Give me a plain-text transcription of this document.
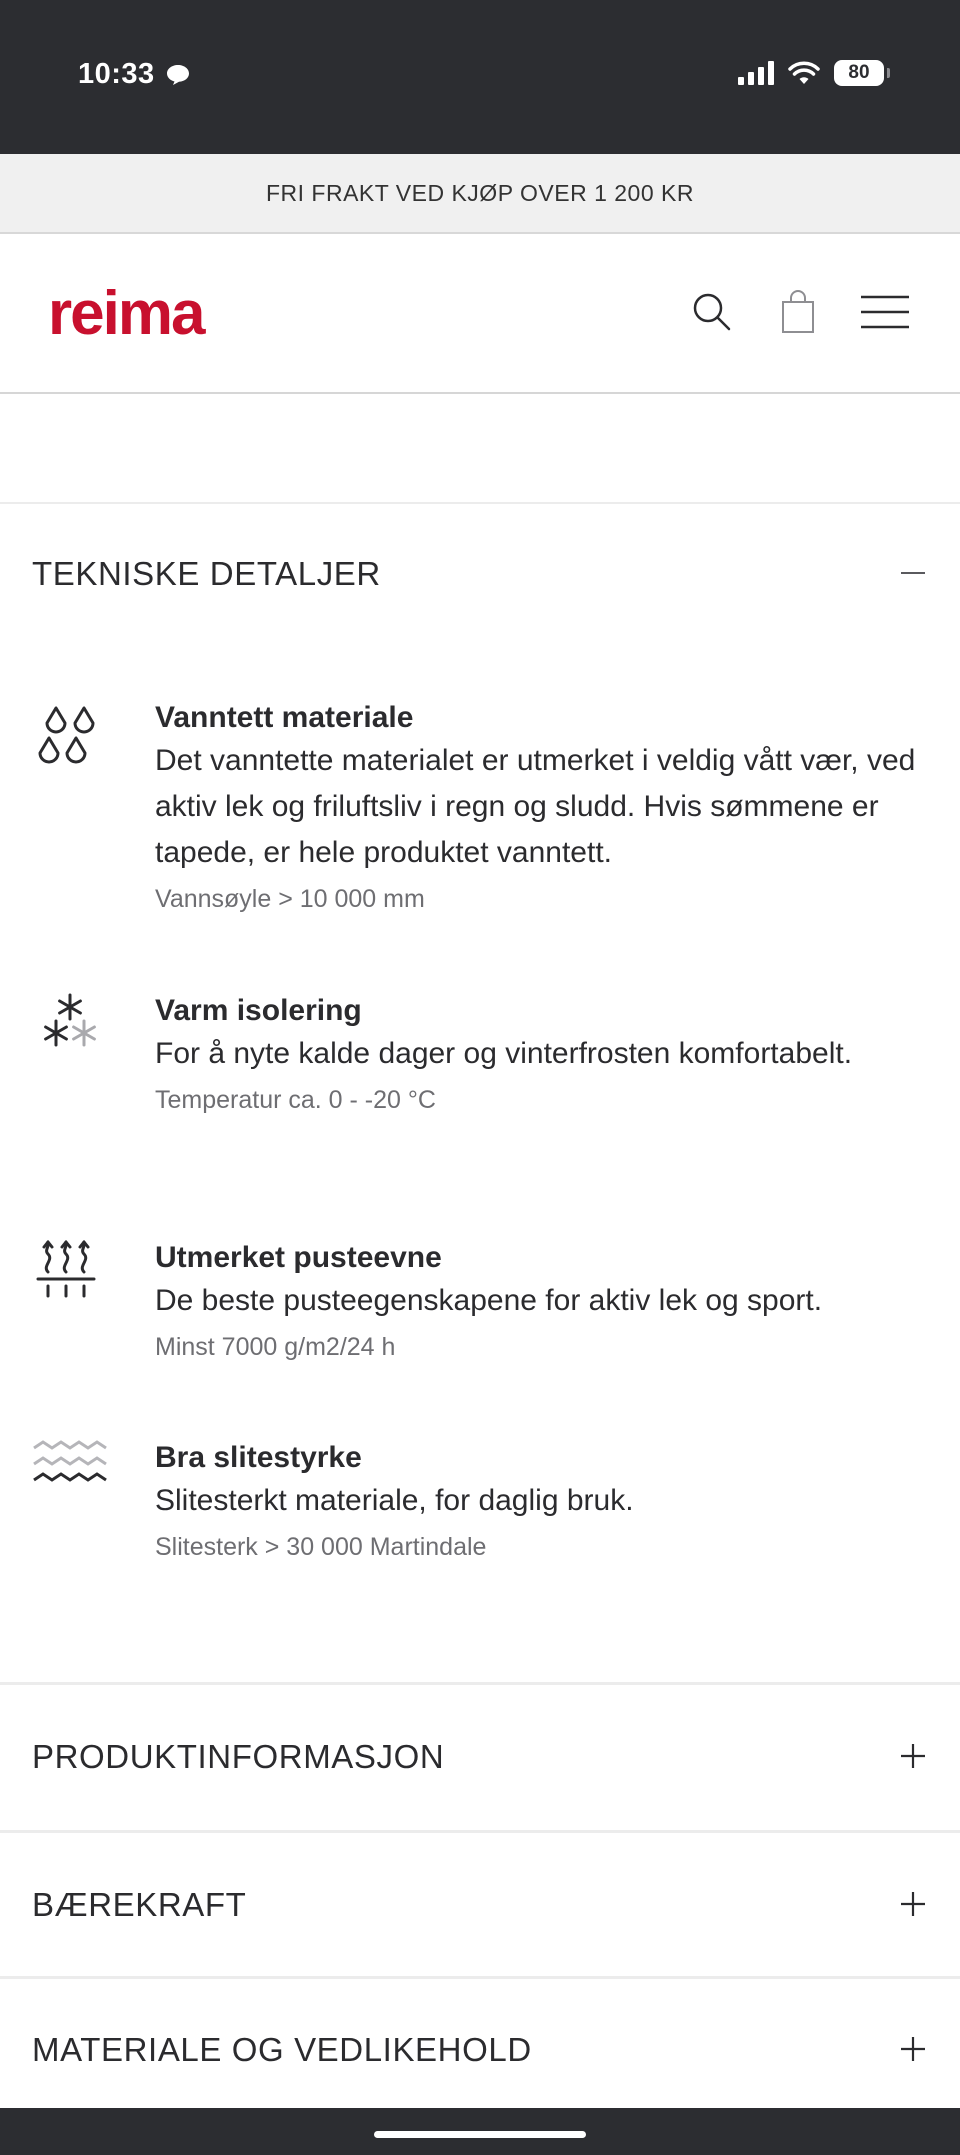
10:33	80
FRI FRAKT VED KJØP OVER 1 200 KR
reima
TEKNISKE DETALJER
Vanntett materiale
Det vanntette materialet er utmerket i veldig vått vær, ved aktiv lek og friluftsliv i regn og sludd. Hvis sømmene er tapede, er hele produktet vanntett.
Vannsøyle > 10 000 mm
Varm isolering
For å nyte kalde dager og vinterfrosten komfortabelt.
Temperatur ca. 0 - -20 °C
Utmerket pusteevne
De beste pusteegenskapene for aktiv lek og sport.
Minst 7000 g/m2/24 h
Bra slitestyrke
Slitesterkt materiale, for daglig bruk.
Slitesterk > 30 000 Martindale
PRODUKTINFORMASJON
BÆREKRAFT
MATERIALE OG VEDLIKEHOLD
